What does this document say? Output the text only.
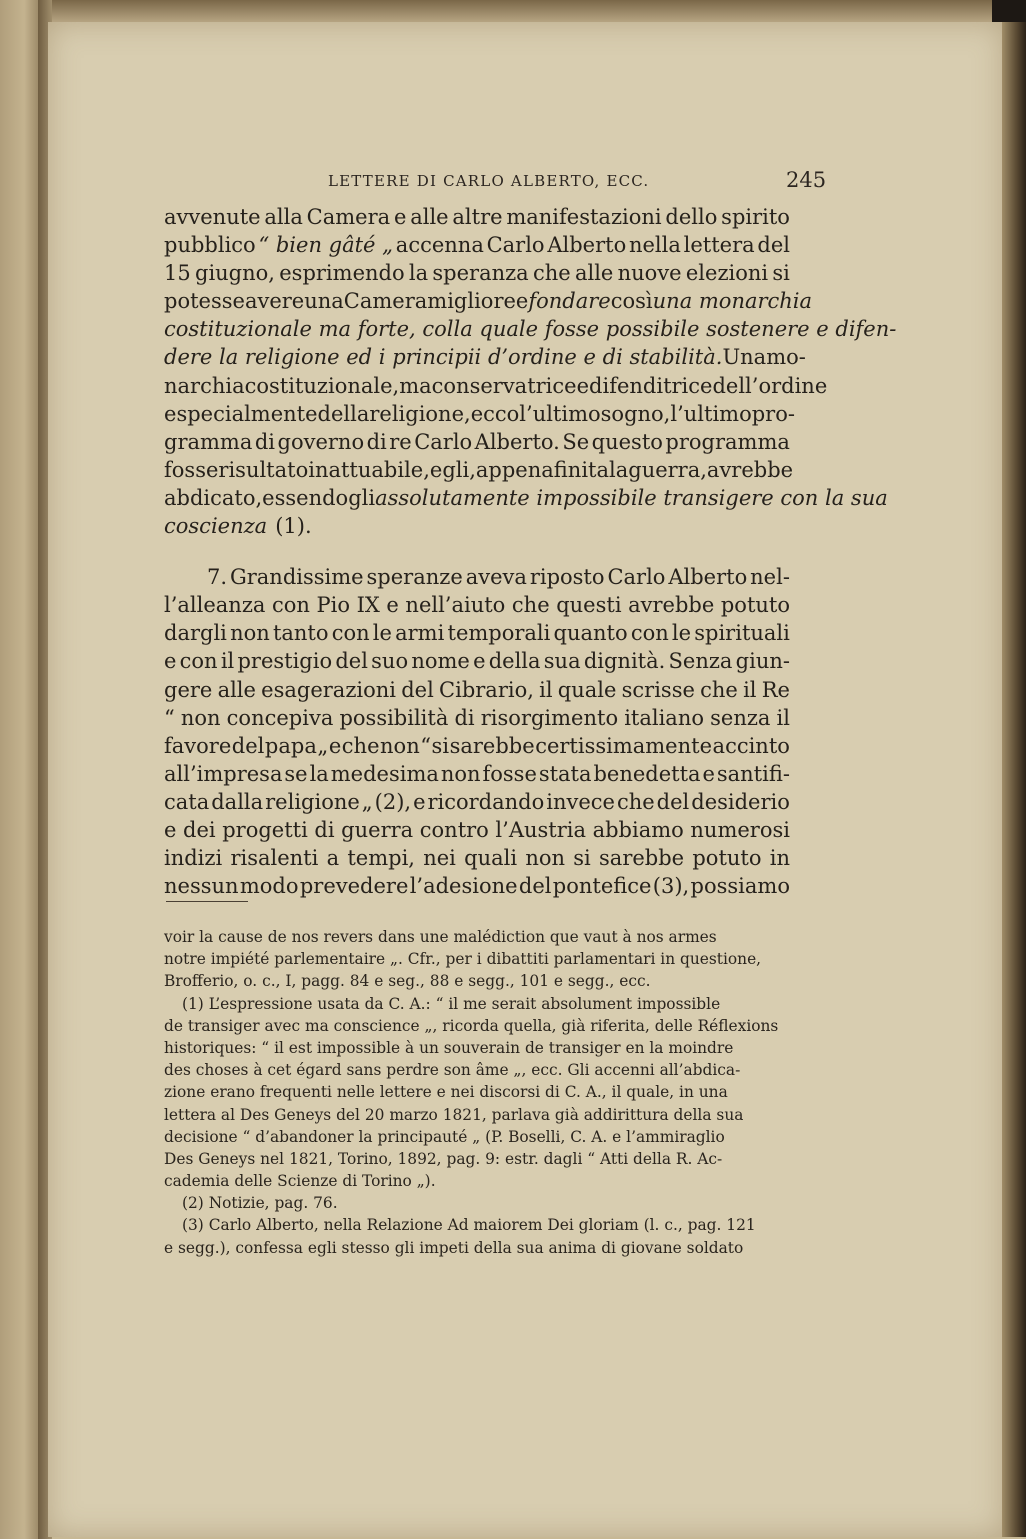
LETTERE DI CARLO ALBERTO, ECC.	245
avvenute alla Camera e alle altre manifestazioni dello spirito
pubblico “ bien gâté „ accenna Carlo Alberto nella lettera del
15 giugno, esprimendo la speranza che alle nuove elezioni si
potesse avere una Camera migliore e fondare così una monarchia
costituzionale ma forte, colla quale fosse possibile sostenere e difen-
dere la religione ed i principii d’ordine e di stabilità. Una mo-
narchia costituzionale, ma conservatrice e difenditrice dell’ordine
e specialmente della religione, ecco l’ultimo sogno, l’ultimo pro-
gramma di governo di re Carlo Alberto. Se questo programma
fosse risultato inattuabile, egli, appena finita la guerra, avrebbe
abdicato, essendogli assolutamente impossibile transigere con la sua
coscienza (1).
7. Grandissime speranze aveva riposto Carlo Alberto nel-
l’alleanza con Pio IX e nell’aiuto che questi avrebbe potuto
dargli non tanto con le armi temporali quanto con le spirituali
e con il prestigio del suo nome e della sua dignità. Senza giun-
gere alle esagerazioni del Cibrario, il quale scrisse che il Re
“ non concepiva possibilità di risorgimento italiano senza il
favore del papa „ e che non “ si sarebbe certissimamente accinto
all’impresa se la medesima non fosse stata benedetta e santifi-
cata dalla religione „ (2), e ricordando invece che del desiderio
e dei progetti di guerra contro l’Austria abbiamo numerosi
indizi risalenti a tempi, nei quali non si sarebbe potuto in
nessun modo prevedere l’adesione del pontefice (3), possiamo
voir la cause de nos revers dans une malédiction que vaut à nos armes
notre impiété parlementaire „. Cfr., per i dibattiti parlamentari in questione,
Brofferio, o. c., I, pagg. 84 e seg., 88 e segg., 101 e segg., ecc.
(1) L’espressione usata da C. A.: “ il me serait absolument impossible
de transiger avec ma conscience „, ricorda quella, già riferita, delle Réflexions
historiques: “ il est impossible à un souverain de transiger en la moindre
des choses à cet égard sans perdre son âme „, ecc. Gli accenni all’abdica-
zione erano frequenti nelle lettere e nei discorsi di C. A., il quale, in una
lettera al Des Geneys del 20 marzo 1821, parlava già addirittura della sua
decisione “ d’abandoner la principauté „ (P. Boselli, C. A. e l’ammiraglio
Des Geneys nel 1821, Torino, 1892, pag. 9: estr. dagli “ Atti della R. Ac-
cademia delle Scienze di Torino „).
(2) Notizie, pag. 76.
(3) Carlo Alberto, nella Relazione Ad maiorem Dei gloriam (l. c., pag. 121
e segg.), confessa egli stesso gli impeti della sua anima di giovane soldato
